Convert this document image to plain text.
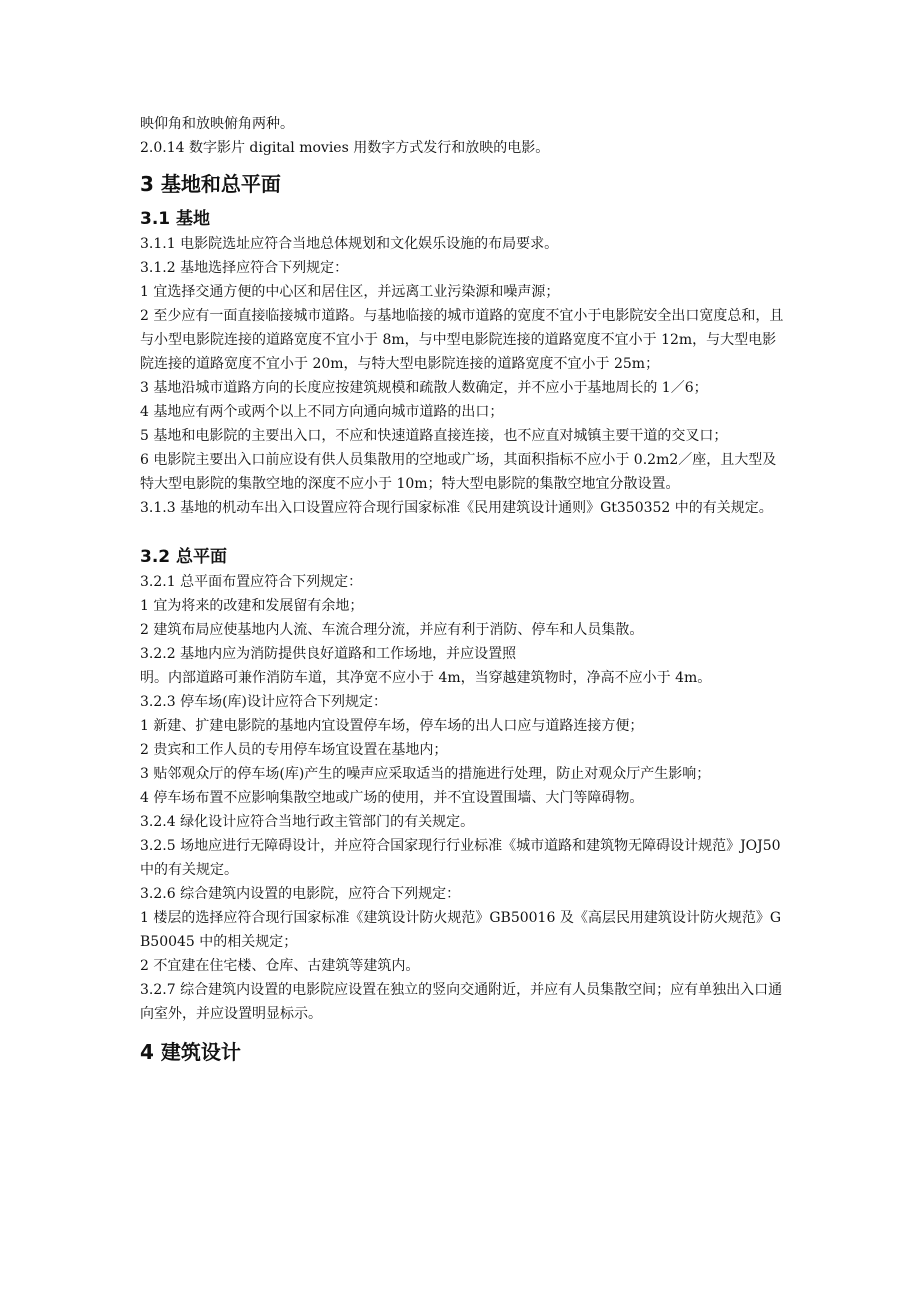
映仰角和放映俯角两种。

2.0.14 数字影片 digital movies 用数字方式发行和放映的电影。

3 基地和总平面
3.1 基地

3.1.1 电影院选址应符合当地总体规划和文化娱乐设施的布局要求。

3.1.2 基地选择应符合下列规定：

1 宜选择交通方便的中心区和居住区，并远离工业污染源和噪声源；

2 至少应有一面直接临接城市道路。与基地临接的城市道路的宽度不宜小于电影院安全出口宽度总和，且与小型电影院连接的道路宽度不宜小于 8m，与中型电影院连接的道路宽度不宜小于 12m，与大型电影院连接的道路宽度不宜小于 20m，与特大型电影院连接的道路宽度不宜小于 25m；

3 基地沿城市道路方向的长度应按建筑规模和疏散人数确定，并不应小于基地周长的 1／6；

4 基地应有两个或两个以上不同方向通向城市道路的出口；

5 基地和电影院的主要出入口，不应和快速道路直接连接，也不应直对城镇主要干道的交叉口；

6 电影院主要出入口前应设有供人员集散用的空地或广场，其面积指标不应小于 0.2m2／座，且大型及特大型电影院的集散空地的深度不应小于 10m；特大型电影院的集散空地宜分散设置。

3.1.3 基地的机动车出入口设置应符合现行国家标准《民用建筑设计通则》Gt350352 中的有关规定。

3.2 总平面

3.2.1 总平面布置应符合下列规定：

1 宜为将来的改建和发展留有余地；

2 建筑布局应使基地内人流、车流合理分流，并应有利于消防、停车和人员集散。

3.2.2 基地内应为消防提供良好道路和工作场地，并应设置照

明。内部道路可兼作消防车道，其净宽不应小于 4m，当穿越建筑物时，净高不应小于 4m。

3.2.3 停车场(库)设计应符合下列规定：

1 新建、扩建电影院的基地内宜设置停车场，停车场的出人口应与道路连接方便；

2 贵宾和工作人员的专用停车场宜设置在基地内；

3 贴邻观众厅的停车场(库)产生的噪声应采取适当的措施进行处理，防止对观众厅产生影响；

4 停车场布置不应影响集散空地或广场的使用，并不宜设置围墙、大门等障碍物。

3.2.4 绿化设计应符合当地行政主管部门的有关规定。

3.2.5 场地应进行无障碍设计，并应符合国家现行行业标准《城市道路和建筑物无障碍设计规范》JOJ50 中的有关规定。

3.2.6 综合建筑内设置的电影院，应符合下列规定：

1 楼层的选择应符合现行国家标准《建筑设计防火规范》GB50016 及《高层民用建筑设计防火规范》GB50045 中的相关规定；

2 不宜建在住宅楼、仓库、古建筑等建筑内。

3.2.7 综合建筑内设置的电影院应设置在独立的竖向交通附近，并应有人员集散空间；应有单独出入口通向室外，并应设置明显标示。

4 建筑设计
